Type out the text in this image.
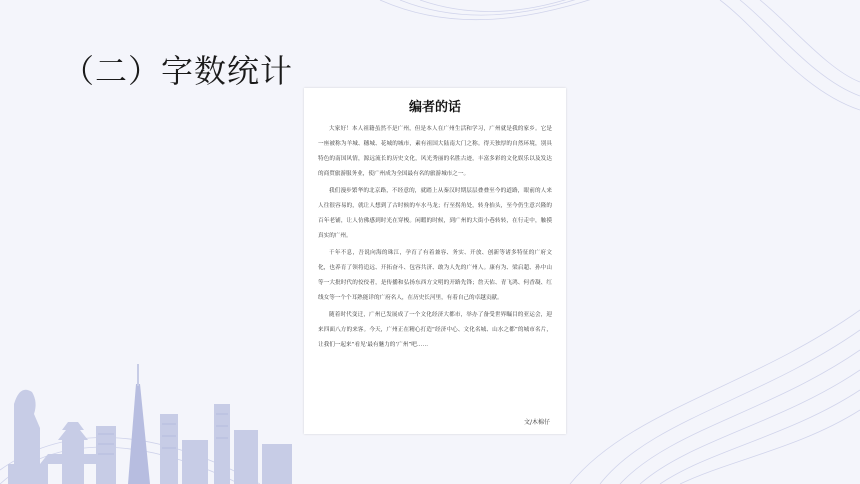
（二）字数统计
编者的话

大家好！本人祖籍虽然不是广州，但是本人在广州生活和学习，广州就是我的家乡。它是一座被称为羊城、穗城、花城的城市，素有祖国大陆南大门之称。得天独厚的自然环境，别具特色的南国风情，源远流长的历史文化，风光秀丽的名胜古迹，丰富多彩的文化娱乐以及发达的商贸旅游服务业，使广州成为全国最有名的旅游城市之一。

我们漫步繁华的北京路，不经意的，就踏上从秦汉时期层层叠叠至今的道路，眼前的人来人往很容易的，就让人想到了古时候的车水马龙；行至拐角处，转身抬头，至今仍生意兴隆的百年老铺，让人仿佛感到时光在穿梭。闲暇的时候，到广州的大街小巷转转，在行走中，触摸真实的广州。

千年不息，吾说向海的珠江，孕育了有着兼容、务实、开放、创新等诸多特征的广府文化，也养育了领将追远、开拓奋斗、包容共济、敢为人先的广州人。康有为、梁启超、孙中山等一大批时代的佼佼者，是传播和弘扬东西方文明的开路先锋；詹天佑、青飞鸿、何香凝、红线女等一个个耳熟能详的广府名人，在历史长河里，有着自己的卓越贡献。

随着时代变迁，广州已发展成了一个文化经济大都市，举办了备受世界瞩目的亚运会，迎来四面八方的来客。今天，广州正在精心打造“经济中心、文化名城、山水之都”的城市名片，让我们一起来“看见‘最有魅力的’广州”吧……

文/木棉仔
